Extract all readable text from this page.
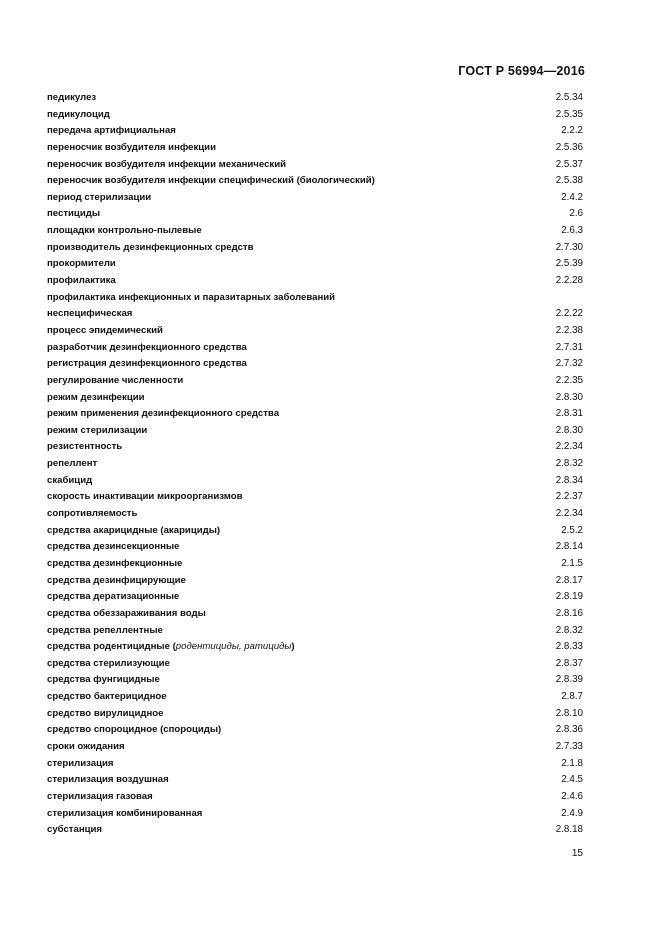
ГОСТ Р 56994—2016
педикулез	2.5.34
педикулоцид	2.5.35
передача артифициальная	2.2.2
переносчик возбудителя инфекции	2.5.36
переносчик возбудителя инфекции механический	2.5.37
переносчик возбудителя инфекции специфический (биологический)	2.5.38
период стерилизации	2.4.2
пестициды	2.6
площадки контрольно-пылевые	2.6.3
производитель дезинфекционных средств	2.7.30
прокормители	2.5.39
профилактика	2.2.28
профилактика инфекционных и паразитарных заболеваний
неспецифическая	2.2.22
процесс эпидемический	2.2.38
разработчик дезинфекционного средства	2.7.31
регистрация дезинфекционного средства	2.7.32
регулирование численности	2.2.35
режим дезинфекции	2.8.30
режим применения дезинфекционного средства	2.8.31
режим стерилизации	2.8.30
резистентность	2.2.34
репеллент	2.8.32
скабицид	2.8.34
скорость инактивации микроорганизмов	2.2.37
сопротивляемость	2.2.34
средства акарицидные (акарициды)	2.5.2
средства дезинсекционные	2.8.14
средства дезинфекционные	2.1.5
средства дезинфицирующие	2.8.17
средства дератизационные	2.8.19
средства обеззараживания воды	2.8.16
средства репеллентные	2.8.32
средства родентицидные (родентициды, ратициды)	2.8.33
средства стерилизующие	2.8.37
средства фунгицидные	2.8.39
средство бактерицидное	2.8.7
средство вирулицидное	2.8.10
средство спороцидное (спороциды)	2.8.36
сроки ожидания	2.7.33
стерилизация	2.1.8
стерилизация воздушная	2.4.5
стерилизация газовая	2.4.6
стерилизация комбинированная	2.4.9
субстанция	2.8.18
15
